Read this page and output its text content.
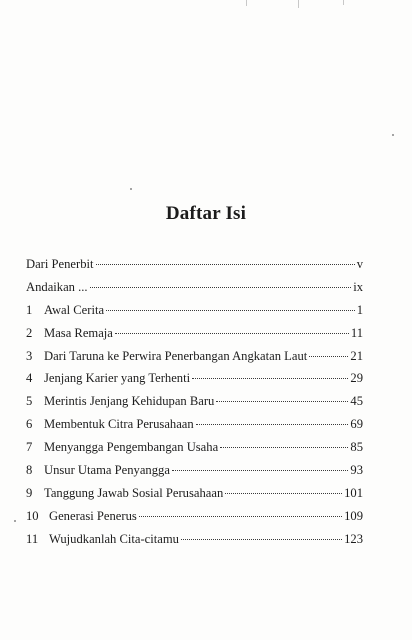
Daftar Isi
Dari Penerbit	v
Andaikan ...	ix
1 Awal Cerita	1
2 Masa Remaja	11
3 Dari Taruna ke Perwira Penerbangan Angkatan Laut	21
4 Jenjang Karier yang Terhenti	29
5 Merintis Jenjang Kehidupan Baru	45
6 Membentuk Citra Perusahaan	69
7 Menyangga Pengembangan Usaha	85
8 Unsur Utama Penyangga	93
9 Tanggung Jawab Sosial Perusahaan	101
10 Generasi Penerus	109
11 Wujudkanlah Cita-citamu	123
